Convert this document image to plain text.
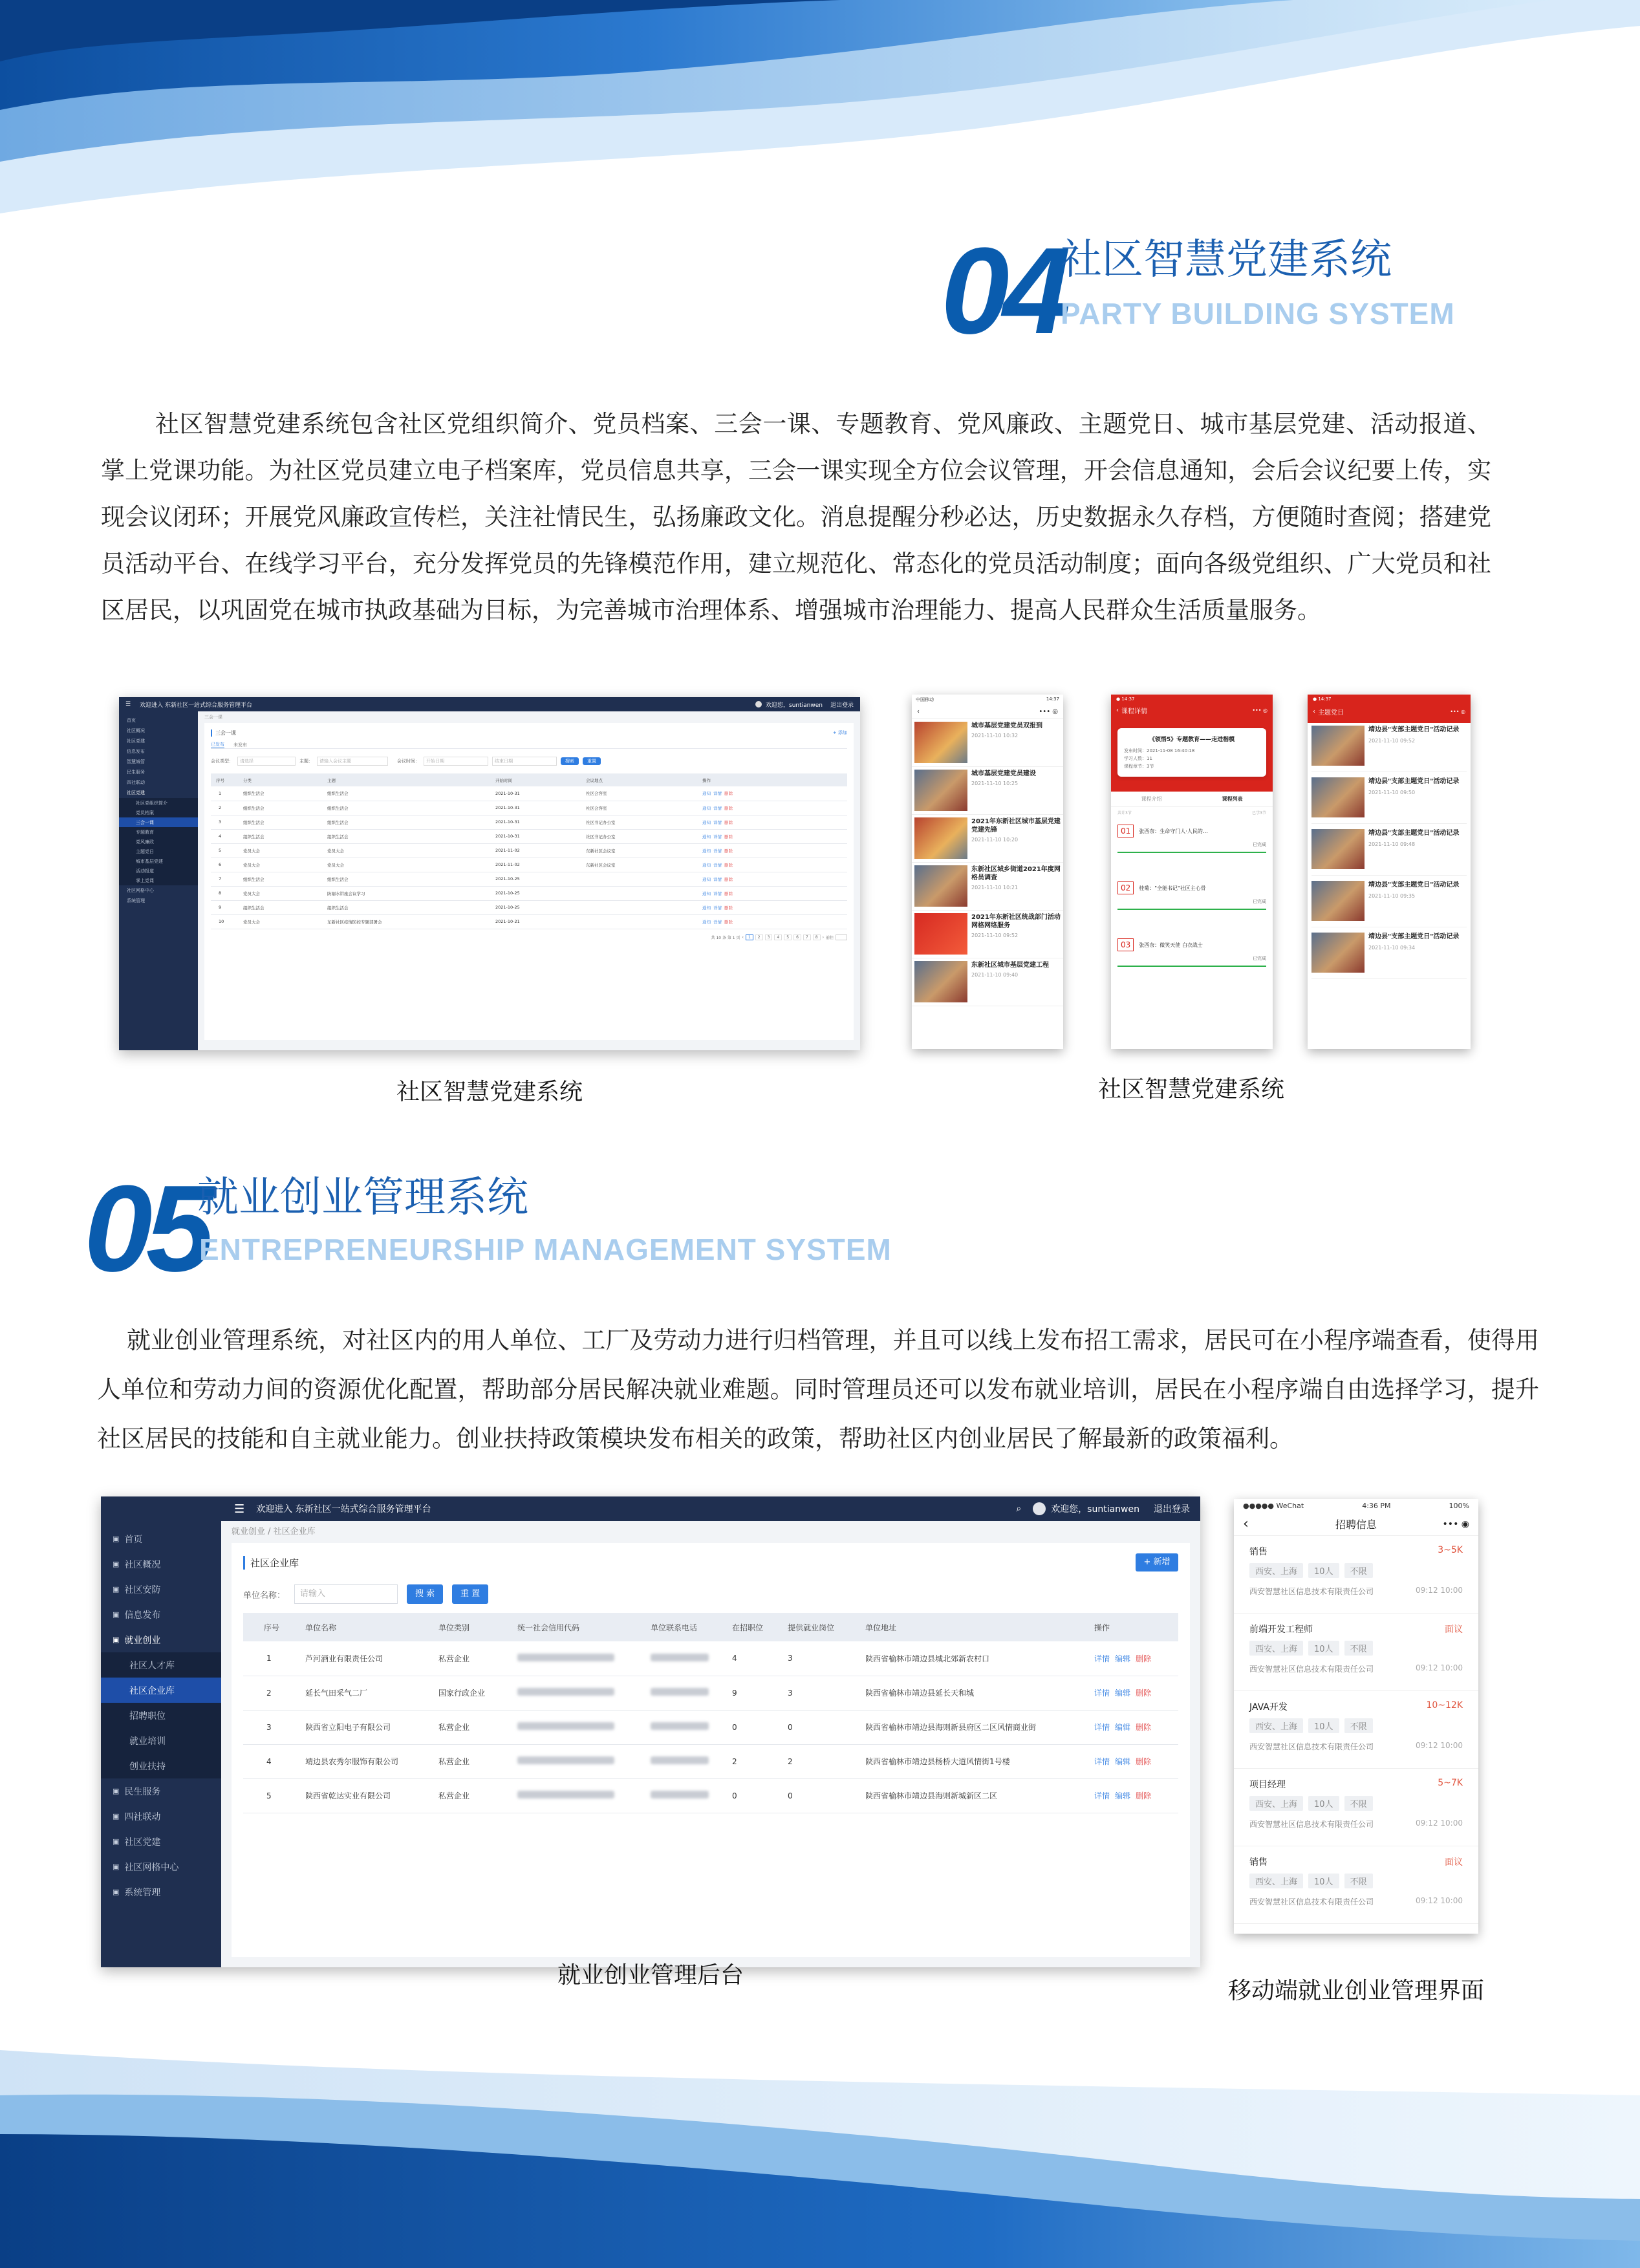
04
社区智慧党建系统
PARTY BUILDING SYSTEM

社区智慧党建系统包含社区党组织简介、党员档案、三会一课、专题教育、党风廉政、主题党日、城市基层党建、活动报道、掌上党课功能。为社区党员建立电子档案库，党员信息共享，三会一课实现全方位会议管理，开会信息通知，会后会议纪要上传，实现会议闭环；开展党风廉政宣传栏，关注社情民生，弘扬廉政文化。消息提醒分秒必达，历史数据永久存档，方便随时查阅；搭建党员活动平台、在线学习平台，充分发挥党员的先锋模范作用，建立规范化、常态化的党员活动制度；面向各级党组织、广大党员和社区居民，以巩固党在城市执政基础为目标，为完善城市治理体系、增强城市治理能力、提高人民群众生活质量服务。

☰ 欢迎进入 东新社区一站式综合服务管理平台	欢迎您，suntianwen 退出登录
首页
社区概况
社区党建
信息发布
智慧城管
民生服务
四社联动
社区党建
社区党组织简介
党员档案
三会一课
专题教育
党风廉政
主题党日
城市基层党建
活动报道
掌上党课
社区网格中心
系统管理
三会一课
三会一课	+ 添加
已发布 未发布
会议类型：	请选择	主题：	请输入会议主题	会议时间：	开始日期	结束日期	搜索	重置
序号	分类	主题	开始时间	会议地点	操作
1	组织生活会	组织生活会	2021-10-31	社区会客室	通知 详情 删除
2	组织生活会	组织生活会	2021-10-31	社区会客室	通知 详情 删除
3	组织生活会	组织生活会	2021-10-31	社区书记办公室	通知 详情 删除
4	组织生活会	组织生活会	2021-10-31	社区书记办公室	通知 详情 删除
5	党员大会	党员大会	2021-11-02	东新社区会议室	通知 详情 删除
6	党员大会	党员大会	2021-11-02	东新社区会议室	通知 详情 删除
7	组织生活会	组织生活会	2021-10-25		通知 详情 删除
8	党员大会	防溺水讲座会议学习	2021-10-25		通知 详情 删除
9	组织生活会	组织生活会	2021-10-25		通知 详情 删除
10	党员大会	东新社区疫情防控专题部署会	2021-10-21		通知 详情 删除
共 10 条 第 1 页 ‹	1	2	3	4	5	6	7	8	› 前往
中国移动	14:37
‹	••• ◎
城市基层党建党员双报到
2021-11-10 10:32
城市基层党建党员建设
2021-11-10 10:25
2021年东新社区城市基层党建党建先锋
2021-11-10 10:20
东新社区城乡街道2021年度网格员调查
2021-11-10 10:21
2021年东新社区统战部门活动网格网络服务
2021-11-10 09:52
东新社区城市基层党建工程
2021-11-10 09:40
● 14:37
‹ 课程详情	••• ◎
《领悟5》专题教育——走进楷模
发布时间：2021-11-08 16:40:18
学习人数：11
课程章节：3节
课程介绍	课程列表
共计3节	已学3节
01	张西奈：生命守门人·人民的…
已完成
02	桂菊："全能书记"社区主心骨
已完成
03	张西奈：微笑天使 白衣战士
已完成
● 14:37
‹ 主题党日	••• ◎
靖边县"支部主题党日"活动记录
2021-11-10 09:52
靖边县"支部主题党日"活动记录
2021-11-10 09:50
靖边县"支部主题党日"活动记录
2021-11-10 09:48
靖边县"支部主题党日"活动记录
2021-11-10 09:35
靖边县"支部主题党日"活动记录
2021-11-10 09:34
社区智慧党建系统	社区智慧党建系统
05
就业创业管理系统
ENTREPRENEURSHIP MANAGEMENT SYSTEM

就业创业管理系统，对社区内的用人单位、工厂及劳动力进行归档管理，并且可以线上发布招工需求，居民可在小程序端查看，使得用人单位和劳动力间的资源优化配置，帮助部分居民解决就业难题。同时管理员还可以发布就业培训，居民在小程序端自由选择学习，提升社区居民的技能和自主就业能力。创业扶持政策模块发布相关的政策，帮助社区内创业居民了解最新的政策福利。

☰ 欢迎进入 东新社区一站式综合服务管理平台	⌕	欢迎您，suntianwen 退出登录
▣ 首页
▣ 社区概况
▣ 社区安防
▣ 信息发布
▣ 就业创业
社区人才库
社区企业库
招聘职位
就业培训
创业扶持
▣ 民生服务
▣ 四社联动
▣ 社区党建
▣ 社区网格中心
▣ 系统管理
就业创业 / 社区企业库
社区企业库	+ 新增
单位名称：	请输入	搜 索	重 置
序号	单位名称	单位类别	统一社会信用代码	单位联系电话	在招职位	提供就业岗位	单位地址	操作
1	芦河酒业有限责任公司	私营企业			4	3	陕西省榆林市靖边县城北郊新农村口	详情 编辑 删除
2	延长气田采气二厂	国家行政企业			9	3	陕西省榆林市靖边县延长天和城	详情 编辑 删除
3	陕西省立阳电子有限公司	私营企业			0	0	陕西省榆林市靖边县海则新县府区二区风情商业街	详情 编辑 删除
4	靖边县农秀尔服饰有限公司	私营企业			2	2	陕西省榆林市靖边县杨桥大道风情街1号楼	详情 编辑 删除
5	陕西省乾达实业有限公司	私营企业			0	0	陕西省榆林市靖边县海则新城新区二区	详情 编辑 删除
●●●●● WeChat	4:36 PM	100%
‹	招聘信息	••• ◉
销售	3~5K
西安、上海 10人 不限
西安智慧社区信息技术有限责任公司	09:12 10:00
前端开发工程师	面议
西安、上海 10人 不限
西安智慧社区信息技术有限责任公司	09:12 10:00
JAVA开发	10~12K
西安、上海 10人 不限
西安智慧社区信息技术有限责任公司	09:12 10:00
项目经理	5~7K
西安、上海 10人 不限
西安智慧社区信息技术有限责任公司	09:12 10:00
销售	面议
西安、上海 10人 不限
西安智慧社区信息技术有限责任公司	09:12 10:00
就业创业管理后台
移动端就业创业管理界面
